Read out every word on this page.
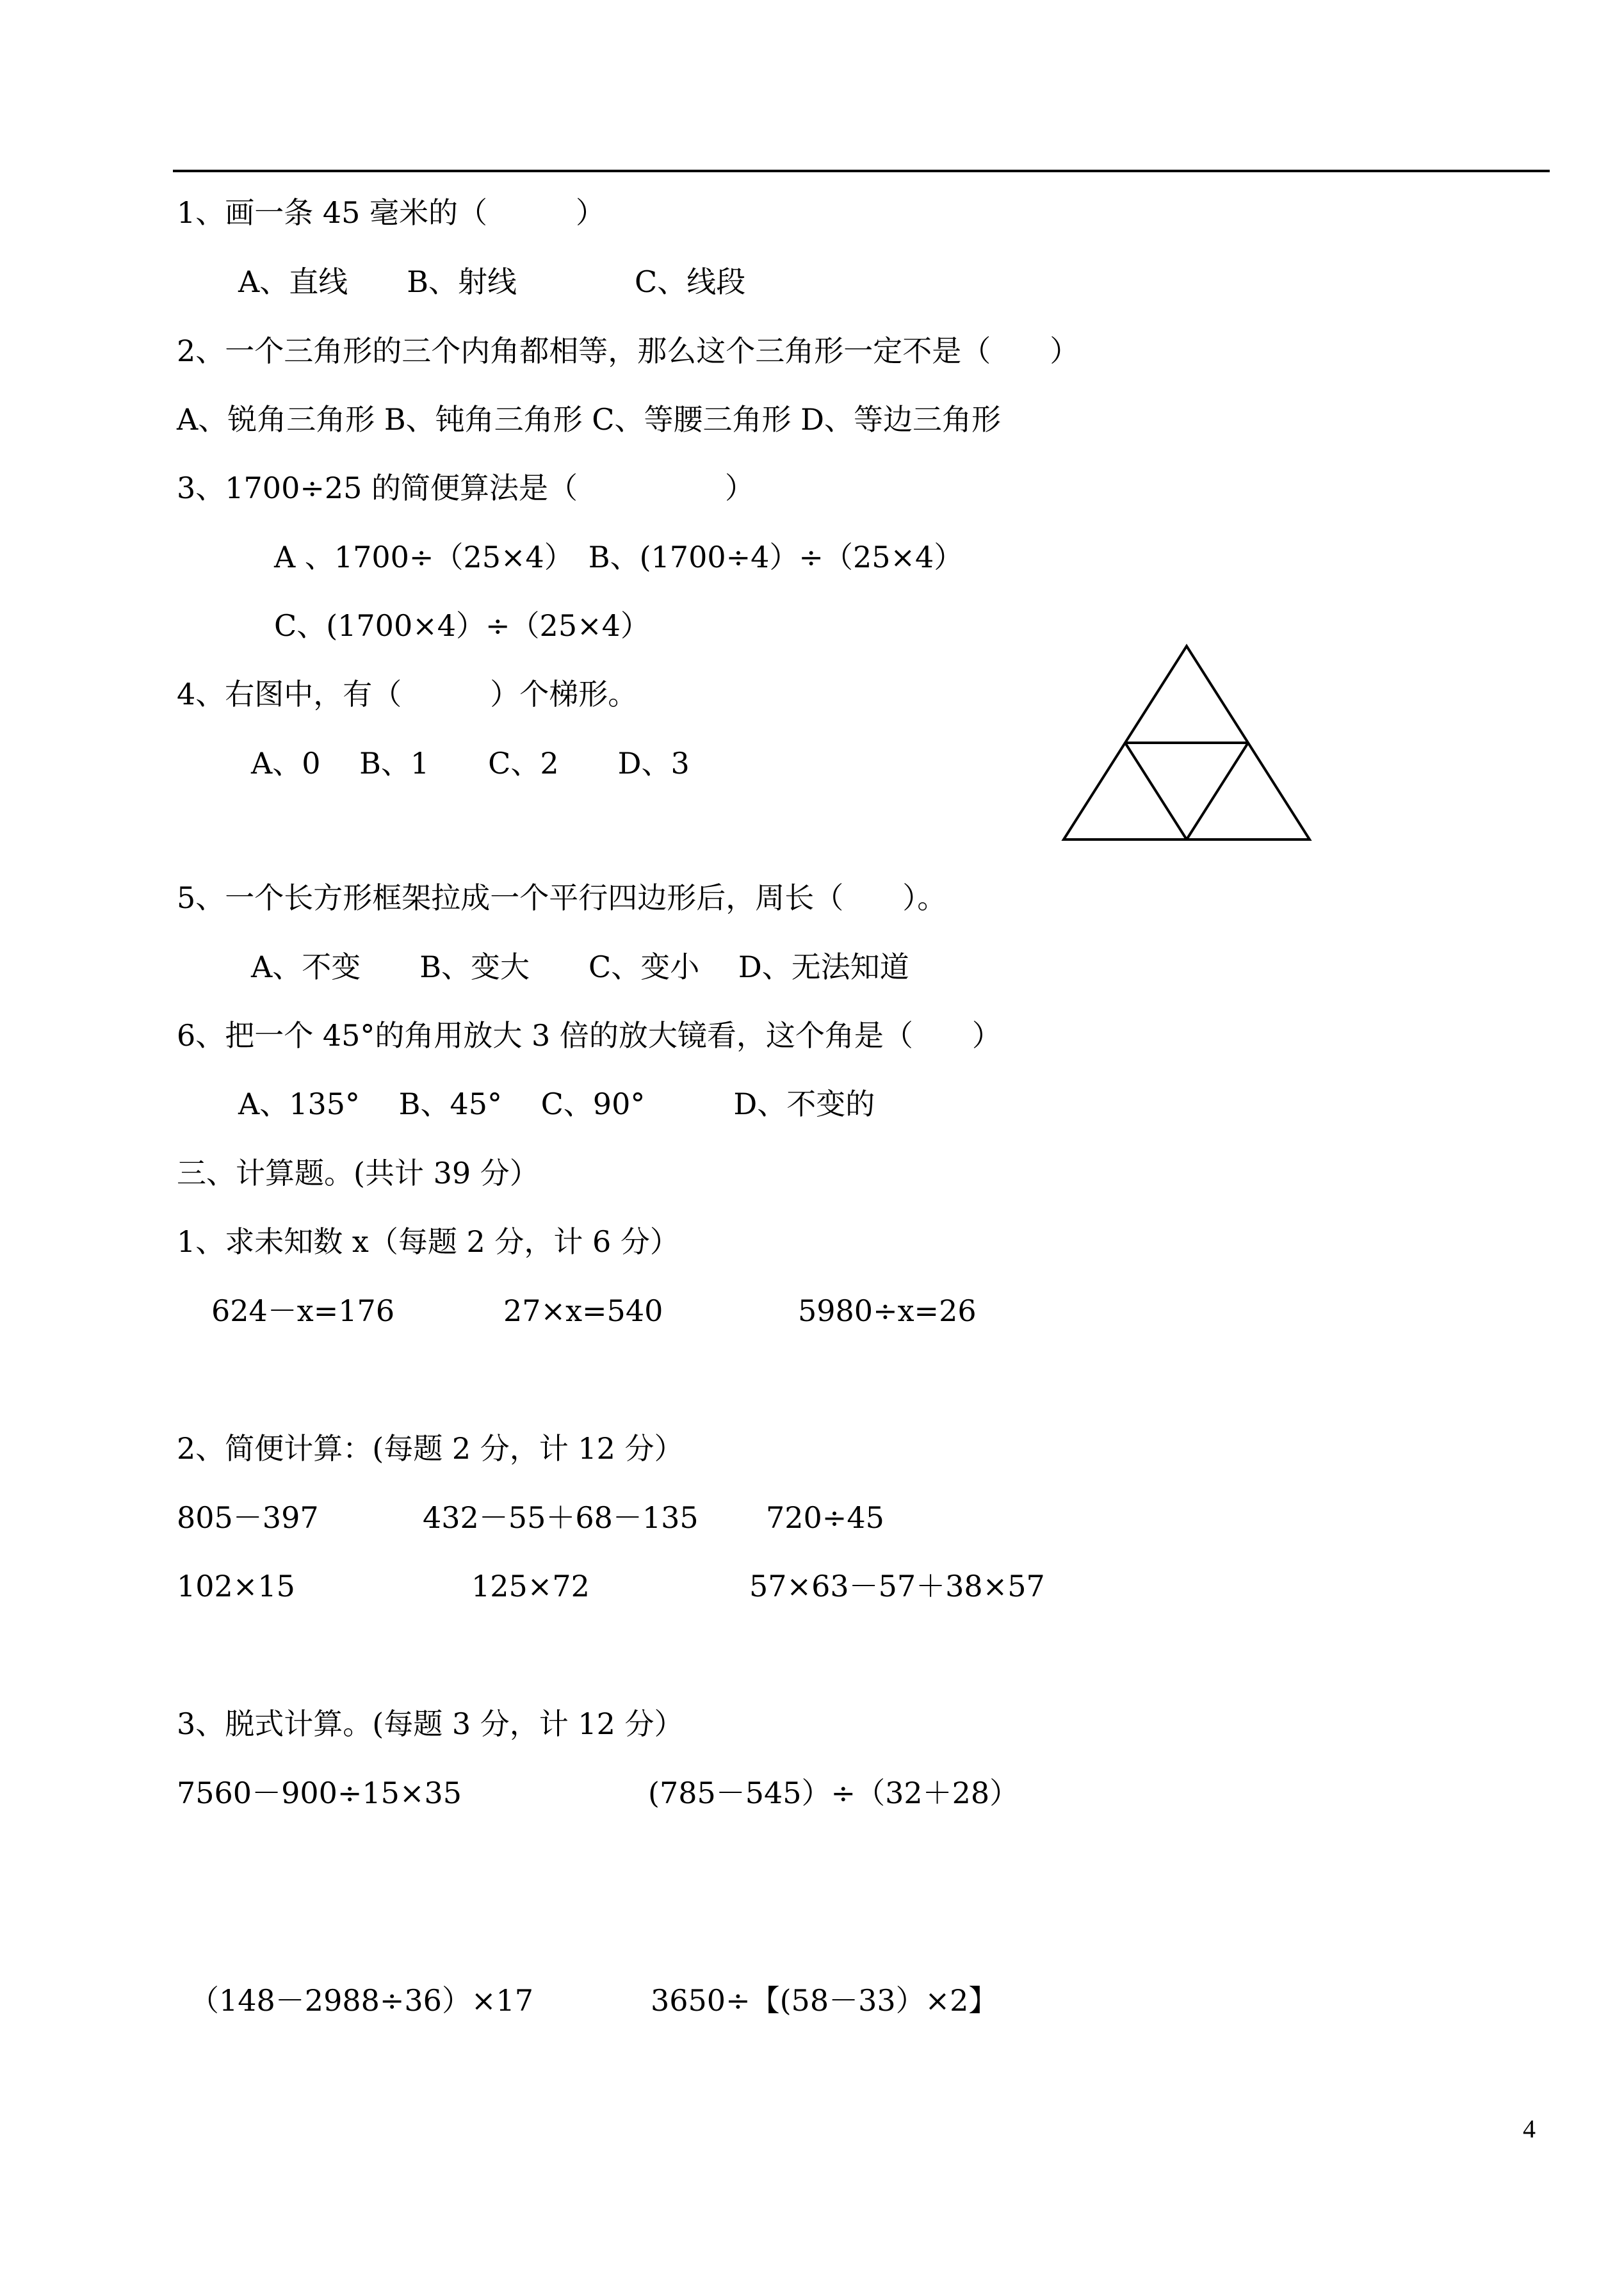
1、画一条 45 毫米的（　　　）
A、直线　　B、射线　　　　C、线段
2、一个三角形的三个内角都相等，那么这个三角形一定不是（　　）
A、锐角三角形 B、钝角三角形 C、等腰三角形 D、等边三角形
3、1700÷25 的简便算法是（　　　　　）
A 、1700÷（25×4）　B、(1700÷4）÷（25×4）
C、(1700×4）÷（25×4）
4、右图中，有（　　　）个梯形。
A、0　 B、1　　C、2　　D、3
5、一个长方形框架拉成一个平行四边形后，周长（　　）。
A、不变　　B、变大　　C、变小　 D、无法知道
6、把一个 45°的角用放大 3 倍的放大镜看，这个角是（　　）
A、135°　 B、45°　 C、90°　　　D、不变的
三、计算题。(共计 39 分）
1、求未知数 x（每题 2 分，计 6 分）
624－x=176	27×x=540	5980÷x=26
2、简便计算：(每题 2 分，计 12 分）
805－397	432－55＋68－135 720÷45
102×15	125×72	57×63－57＋38×57
3、脱式计算。(每题 3 分，计 12 分）
7560－900÷15×35	(785－545）÷（32＋28）
（148－2988÷36）×17	3650÷【(58－33）×2】
4
